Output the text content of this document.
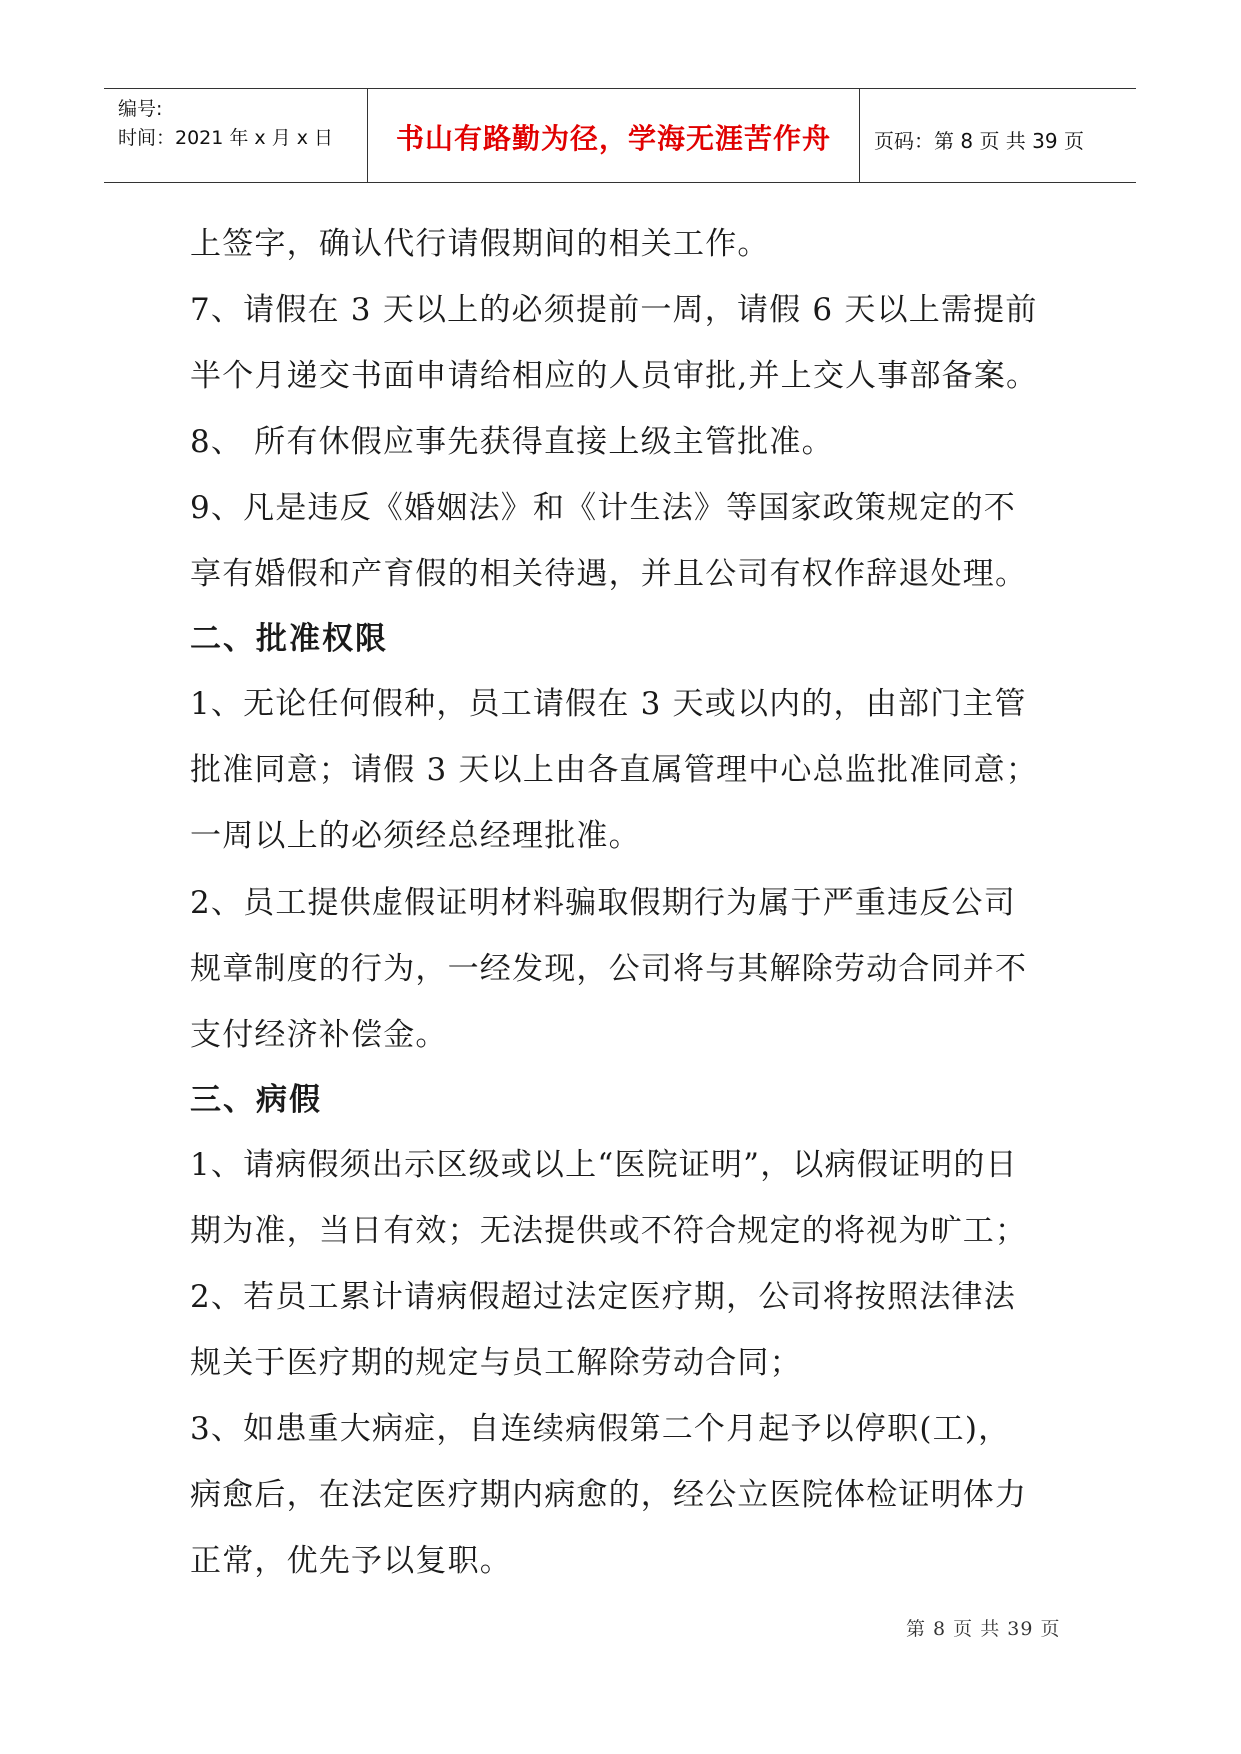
编号:
时间：2021 年 x 月 x 日	书山有路勤为径，学海无涯苦作舟	页码：第 8 页 共 39 页
上签字，确认代行请假期间的相关工作。
7、请假在 3 天以上的必须提前一周，请假 6 天以上需提前
半个月递交书面申请给相应的人员审批,并上交人事部备案。
8、 所有休假应事先获得直接上级主管批准。
9、凡是违反《婚姻法》和《计生法》等国家政策规定的不
享有婚假和产育假的相关待遇，并且公司有权作辞退处理。
二、批准权限
1、无论任何假种，员工请假在 3 天或以内的，由部门主管
批准同意；请假 3 天以上由各直属管理中心总监批准同意；
一周以上的必须经总经理批准。
2、员工提供虚假证明材料骗取假期行为属于严重违反公司
规章制度的行为，一经发现，公司将与其解除劳动合同并不
支付经济补偿金。
三、病假
1、请病假须出示区级或以上“医院证明”，以病假证明的日
期为准，当日有效；无法提供或不符合规定的将视为旷工；
2、若员工累计请病假超过法定医疗期，公司将按照法律法
规关于医疗期的规定与员工解除劳动合同；
3、如患重大病症，自连续病假第二个月起予以停职(工)，
病愈后，在法定医疗期内病愈的，经公立医院体检证明体力
正常，优先予以复职。
第 8 页 共 39 页
